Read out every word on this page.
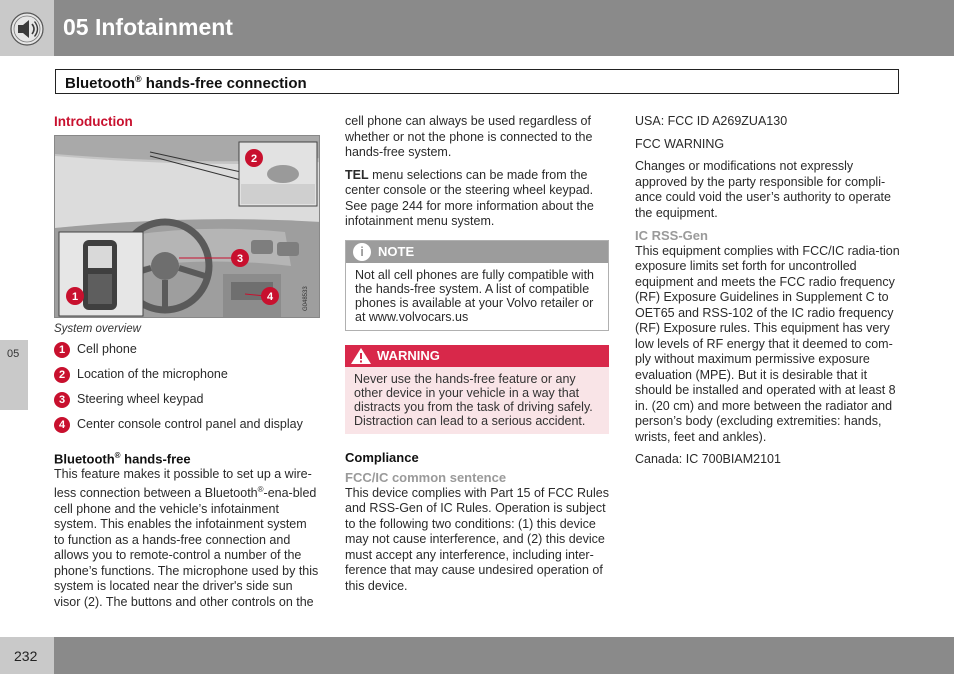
05 Infotainment
Bluetooth® hands-free connection
05
Introduction
1
2
3
4	G048533
System overview
1 Cell phone
2 Location of the microphone
3 Steering wheel keypad
4 Center console control panel and display
Bluetooth® hands-free

This feature makes it possible to set up a wire-less connection between a Bluetooth®-ena-bled cell phone and the vehicle’s infotainment system. This enables the infotainment system to function as a hands-free connection and allows you to remote-control a number of the phone’s functions. The microphone used by this system is located near the driver's side sun visor (2). The buttons and other controls on the

cell phone can always be used regardless of whether or not the phone is connected to the hands-free system.

TEL menu selections can be made from the center console or the steering wheel keypad. See page 244 for more information about the infotainment menu system.

i	NOTE
Not all cell phones are fully compatible with the hands-free system. A list of compatible phones is available at your Volvo retailer or at www.volvocars.us
WARNING
Never use the hands-free feature or any other device in your vehicle in a way that distracts you from the task of driving safely. Distraction can lead to a serious accident.
Compliance
FCC/IC common sentence

This device complies with Part 15 of FCC Rules and RSS-Gen of IC Rules. Operation is subject to the following two conditions: (1) this device may not cause interference, and (2) this device must accept any interference, including inter-ference that may cause undesired operation of this device.

USA: FCC ID A269ZUA130

FCC WARNING

Changes or modifications not expressly approved by the party responsible for compli-ance could void the user’s authority to operate the equipment.

IC RSS-Gen

This equipment complies with FCC/IC radia-tion exposure limits set forth for uncontrolled equipment and meets the FCC radio frequency (RF) Exposure Guidelines in Supplement C to OET65 and RSS-102 of the IC radio frequency (RF) Exposure rules. This equipment has very low levels of RF energy that it deemed to com-ply without maximum permissive exposure evaluation (MPE). But it is desirable that it should be installed and operated with at least 8 in. (20 cm) and more between the radiator and person’s body (excluding extremities: hands, wrists, feet and ankles).

Canada: IC 700BIAM2101

232
